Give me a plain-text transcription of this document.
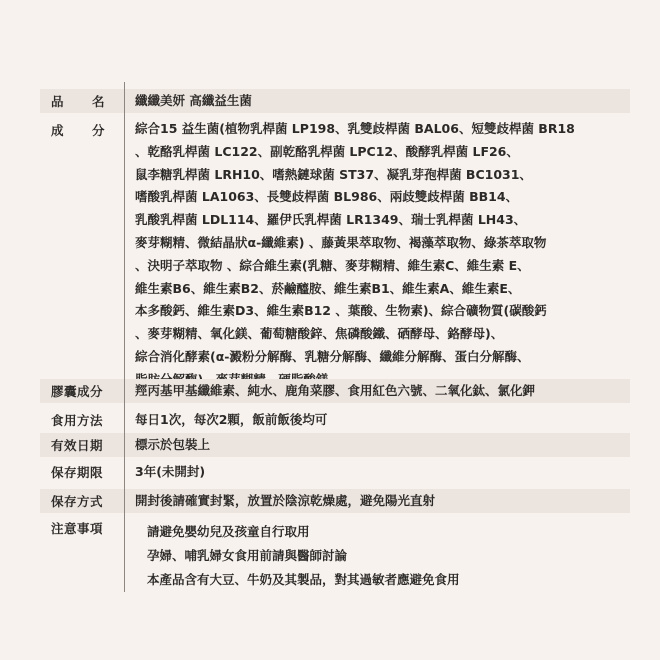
品 名 纖纖美妍 高纖益生菌
成 分 綜合15 益生菌(植物乳桿菌 LP198、乳雙歧桿菌 BAL06、短雙歧桿菌 BR18
、乾酪乳桿菌 LC122、副乾酪乳桿菌 LPC12、酸酵乳桿菌 LF26、
鼠李糖乳桿菌 LRH10、嗜熱鏈球菌 ST37、凝乳芽孢桿菌 BC1031、
嗜酸乳桿菌 LA1063、長雙歧桿菌 BL986、兩歧雙歧桿菌 BB14、
乳酸乳桿菌 LDL114、羅伊氏乳桿菌 LR1349、瑞士乳桿菌 LH43、
麥芽糊精、微結晶狀α-纖維素) 、藤黃果萃取物、褐藻萃取物、綠茶萃取物
、決明子萃取物 、綜合維生素(乳糖、麥芽糊精、維生素C、維生素 E、
維生素B6、維生素B2、菸鹼醯胺、維生素B1、維生素A、維生素E、
本多酸鈣、維生素D3、維生素B12 、葉酸、生物素)、綜合礦物質(碳酸鈣
、麥芽糊精、氧化鎂、葡萄糖酸鋅、焦磷酸鐵、硒酵母、鉻酵母)、
綜合消化酵素(α-澱粉分解酶、乳糖分解酶、纖維分解酶、蛋白分解酶、

膠囊成分	羥丙基甲基纖維素、純水、鹿角菜膠、食用紅色六號、二氧化鈦、氯化鉀
食用方法	每日1次，每次2顆，飯前飯後均可
有效日期	標示於包裝上
保存期限	3年(未開封)
保存方式	開封後請確實封緊，放置於陰涼乾燥處，避免陽光直射
注意事項	請避免嬰幼兒及孩童自行取用
孕婦、哺乳婦女食用前請與醫師討論
本產品含有大豆、牛奶及其製品，對其過敏者應避免食用
